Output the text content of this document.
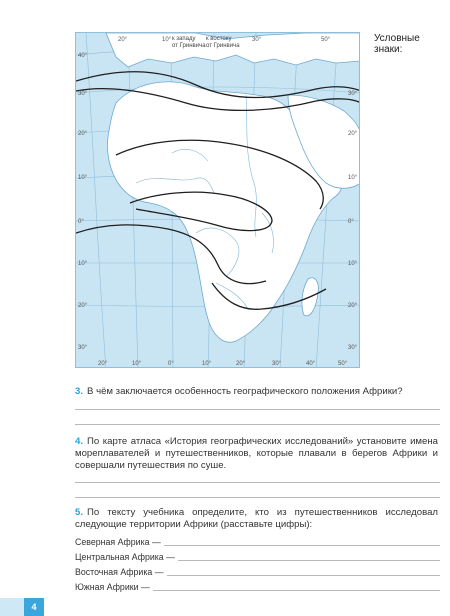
20°	10°	30°	50°
к западу
от Гринвича
к востоку
от Гринвича
40°
30°
20°
10°
0°
10°
20°
30°
30°
20°
10°
0°
10°
20°
30°
20°	10°	0°	10°	20°	30°	40°	50°
Условные знаки:
3. В чём заключается особенность географического положения Африки?
4. По карте атласа «История географических исследований» установите имена мореплавателей и путешественников, которые плавали в берегов Африки и совершали путешествия по суше.
5. По тексту учебника определите, кто из путешественников исследовал следующие территории Африки (расставьте цифры):
Северная Африка —
Центральная Африка —
Восточная Африка —
Южная Африки —
4
